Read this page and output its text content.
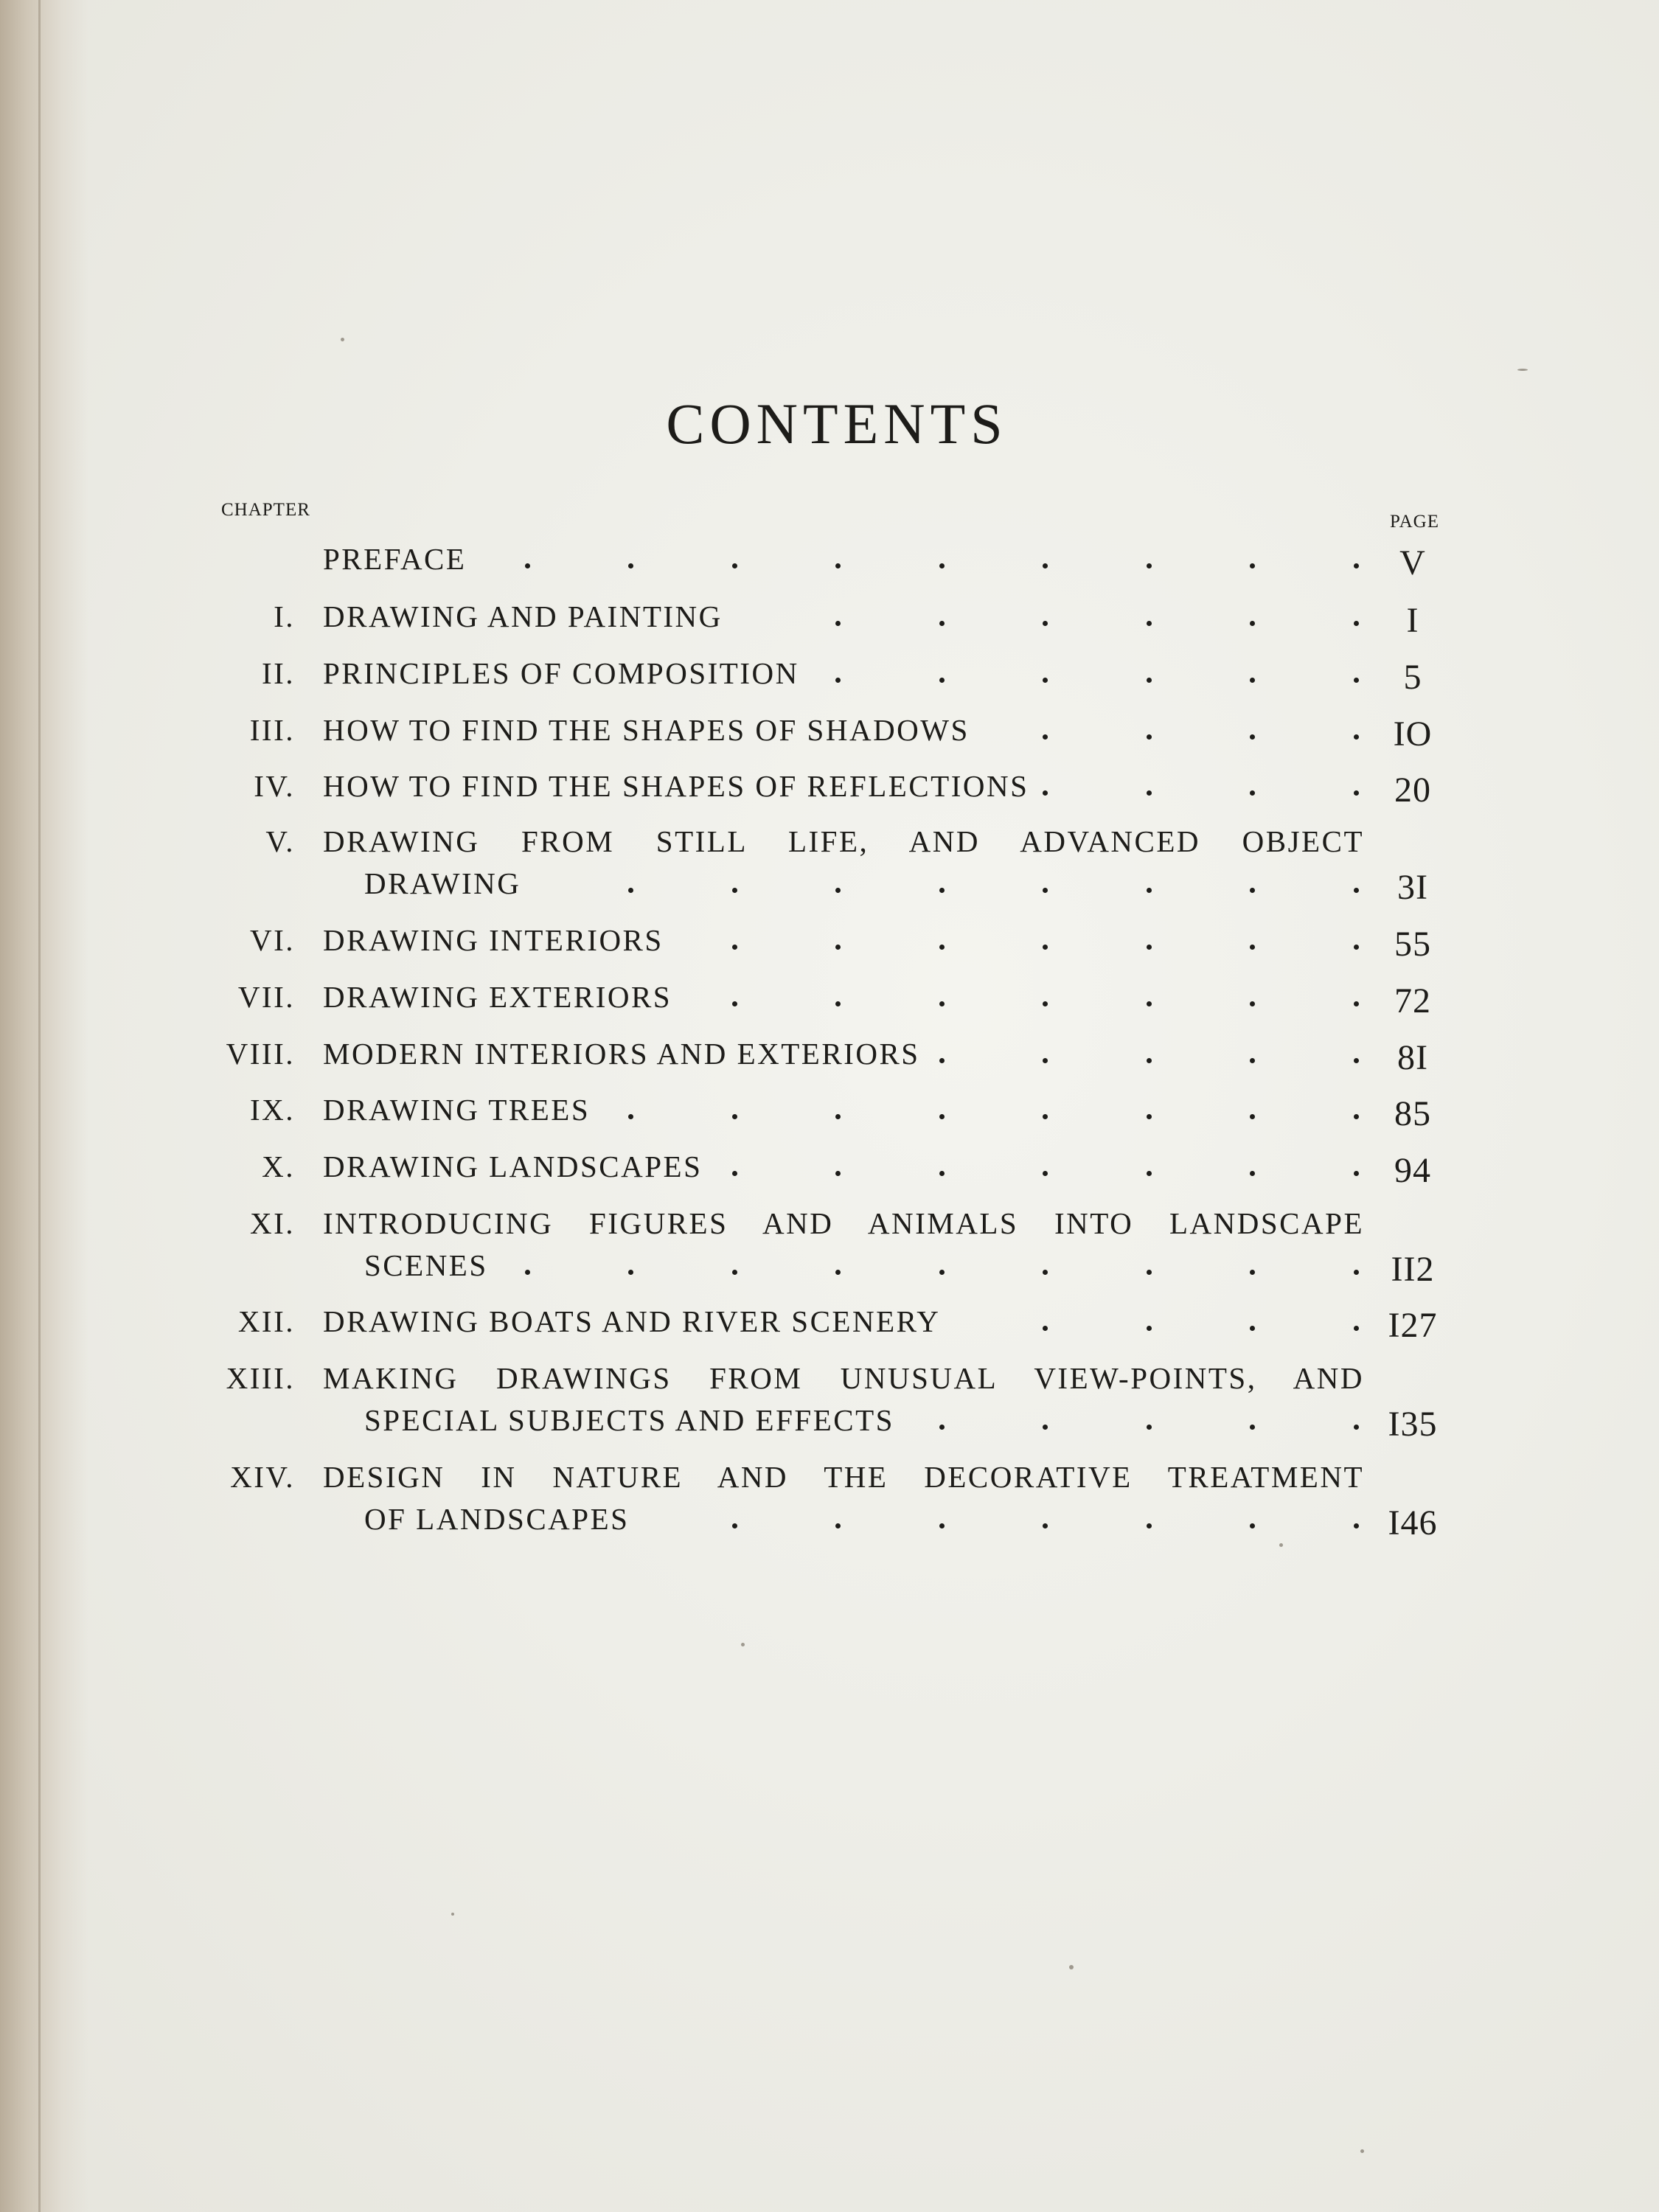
CONTENTS
CHAPTER
PAGE
PREFACE	V
I. DRAWING AND PAINTING	I
II. PRINCIPLES OF COMPOSITION	5
III. HOW TO FIND THE SHAPES OF SHADOWS	IO
IV. HOW TO FIND THE SHAPES OF REFLECTIONS	20
V. DRAWING FROM STILL LIFE, AND ADVANCED OBJECT
DRAWING	3I
VI. DRAWING INTERIORS	55
VII. DRAWING EXTERIORS	72
VIII. MODERN INTERIORS AND EXTERIORS	8I
IX. DRAWING TREES	85
X. DRAWING LANDSCAPES	94
XI. INTRODUCING FIGURES AND ANIMALS INTO LANDSCAPE
SCENES	II2
XII. DRAWING BOATS AND RIVER SCENERY	I27
XIII. MAKING DRAWINGS FROM UNUSUAL VIEW-POINTS, AND
SPECIAL SUBJECTS AND EFFECTS	I35
XIV. DESIGN IN NATURE AND THE DECORATIVE TREATMENT
OF LANDSCAPES	I46
